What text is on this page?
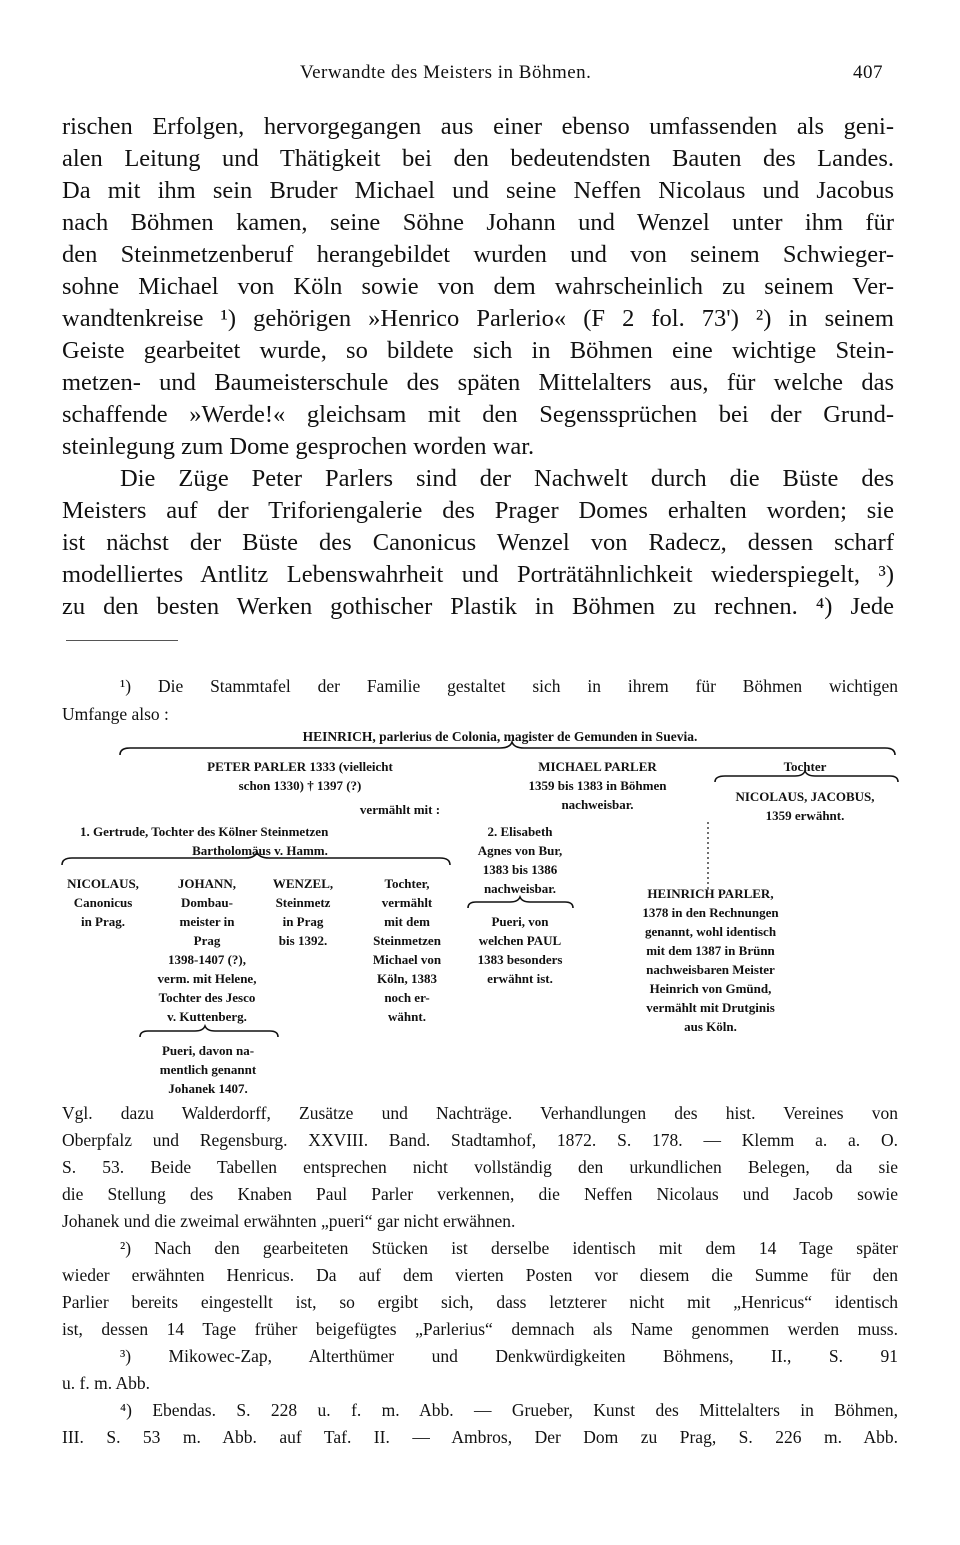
Verwandte des Meisters in Böhmen.	407
rischen Erfolgen, hervorgegangen aus einer ebenso umfassenden als geni-
alen Leitung und Thätigkeit bei den bedeutendsten Bauten des Landes.
Da mit ihm sein Bruder Michael und seine Neffen Nicolaus und Jacobus
nach Böhmen kamen, seine Söhne Johann und Wenzel unter ihm für
den Steinmetzenberuf herangebildet wurden und von seinem Schwieger-
sohne Michael von Köln sowie von dem wahrscheinlich zu seinem Ver-
wandtenkreise ¹) gehörigen »Henrico Parlerio« (F 2 fol. 73') ²) in seinem
Geiste gearbeitet wurde, so bildete sich in Böhmen eine wichtige Stein-
metzen- und Baumeisterschule des späten Mittelalters aus, für welche das
schaffende »Werde!« gleichsam mit den Segenssprüchen bei der Grund-
steinlegung zum Dome gesprochen worden war.
Die Züge Peter Parlers sind der Nachwelt durch die Büste des
Meisters auf der Triforiengalerie des Prager Domes erhalten worden; sie
ist nächst der Büste des Canonicus Wenzel von Radecz, dessen scharf
modelliertes Antlitz Lebenswahrheit und Porträtähnlichkeit wiederspiegelt, ³)
zu den besten Werken gothischer Plastik in Böhmen zu rechnen. ⁴) Jede
¹) Die Stammtafel der Familie gestaltet sich in ihrem für Böhmen wichtigen
Umfange also :
HEINRICH, parlerius de Colonia, magister de Gemunden in Suevia.
PETER PARLER 1333 (vielleicht
schon 1330) † 1397 (?)
vermählt mit :
1. Gertrude, Tochter des Kölner Steinmetzen
Bartholomäus v. Hamm.
MICHAEL PARLER
1359 bis 1383 in Böhmen
nachweisbar.
Tochter
NICOLAUS, JACOBUS,
1359 erwähnt.
2. Elisabeth
Agnes von Bur,
1383 bis 1386
nachweisbar.
Pueri, von
welchen PAUL
1383 besonders
erwähnt ist.
HEINRICH PARLER,
1378 in den Rechnungen
genannt, wohl identisch
mit dem 1387 in Brünn
nachweisbaren Meister
Heinrich von Gmünd,
vermählt mit Drutginis
aus Köln.
NICOLAUS,
Canonicus
in Prag.
JOHANN,
Dombau-
meister in
Prag
1398-1407 (?),
verm. mit Helene,
Tochter des Jesco
v. Kuttenberg.
WENZEL,
Steinmetz
in Prag
bis 1392.
Tochter,
vermählt
mit dem
Steinmetzen
Michael von
Köln, 1383
noch er-
wähnt.
Pueri, davon na-
mentlich genannt
Johanek 1407.
Vgl. dazu Walderdorff, Zusätze und Nachträge. Verhandlungen des hist. Vereines von
Oberpfalz und Regensburg. XXVIII. Band. Stadtamhof, 1872. S. 178. — Klemm a. a. O.
S. 53. Beide Tabellen entsprechen nicht vollständig den urkundlichen Belegen, da sie
die Stellung des Knaben Paul Parler verkennen, die Neffen Nicolaus und Jacob sowie
Johanek und die zweimal erwähnten „pueri“ gar nicht erwähnen.
²) Nach den gearbeiteten Stücken ist derselbe identisch mit dem 14 Tage später
wieder erwähnten Henricus. Da auf dem vierten Posten vor diesem die Summe für den
Parlier bereits eingestellt ist, so ergibt sich, dass letzterer nicht mit „Henricus“ identisch
ist, dessen 14 Tage früher beigefügtes „Parlerius“ demnach als Name genommen werden muss.
³) Mikowec-Zap, Alterthümer und Denkwürdigkeiten Böhmens, II., S. 91
u. f. m. Abb.
⁴) Ebendas. S. 228 u. f. m. Abb. — Grueber, Kunst des Mittelalters in Böhmen,
III. S. 53 m. Abb. auf Taf. II. — Ambros, Der Dom zu Prag, S. 226 m. Abb.
